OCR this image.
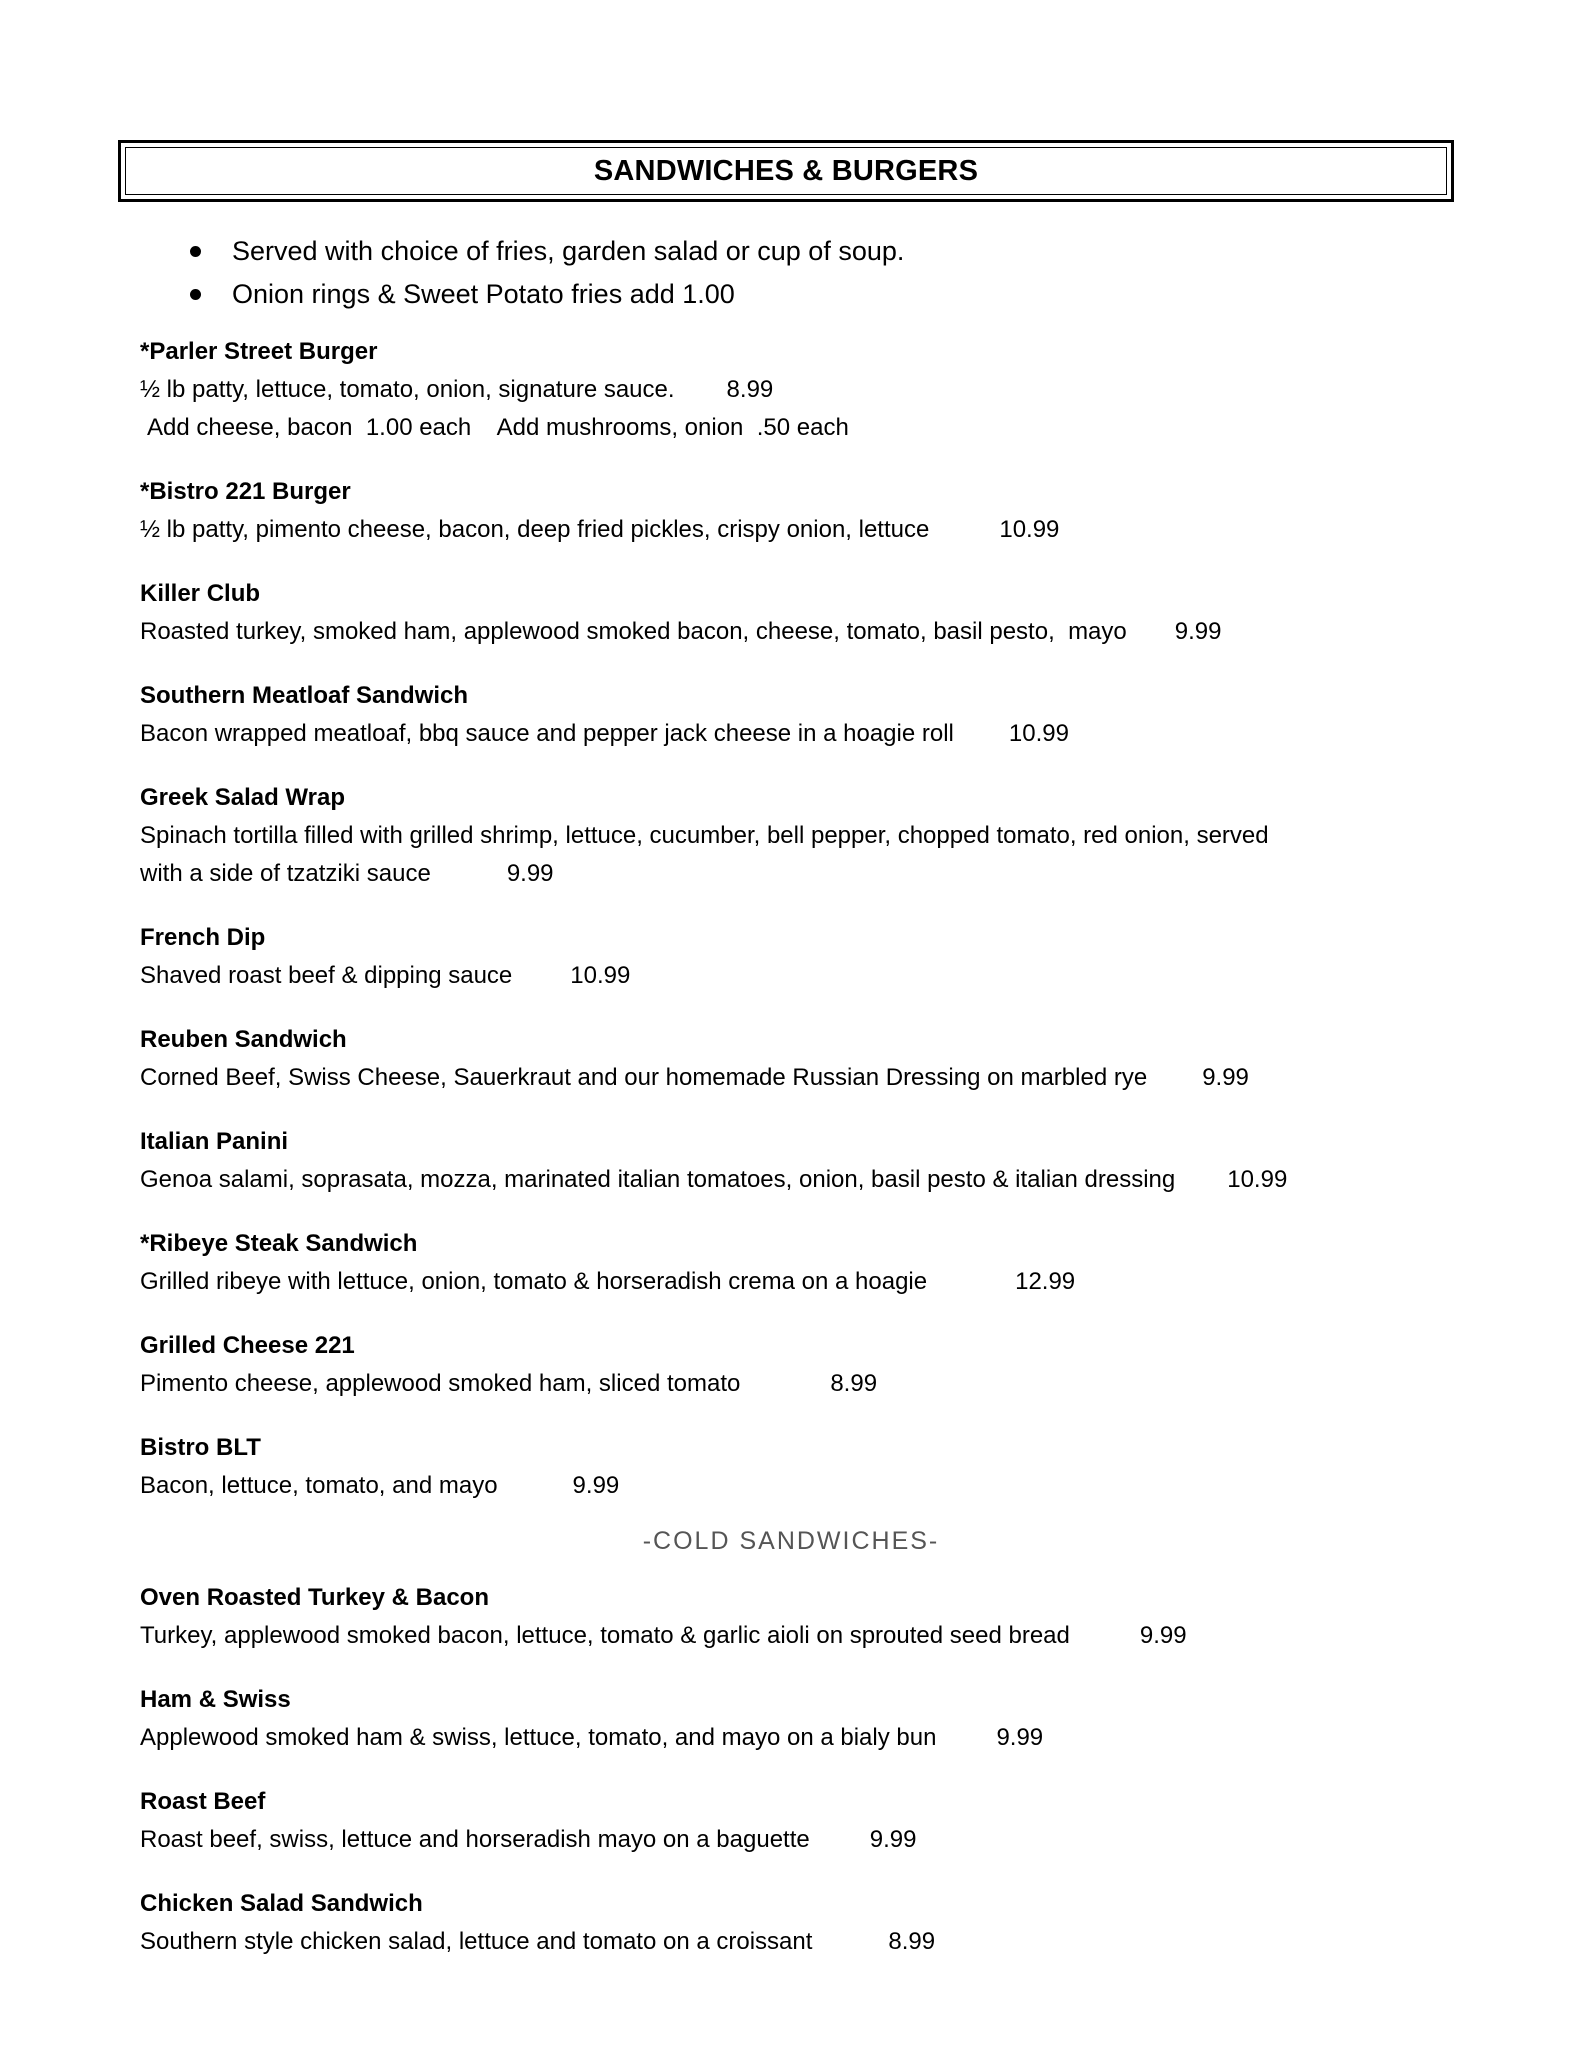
SANDWICHES & BURGERS
Served with choice of fries, garden salad or cup of soup.
Onion rings & Sweet Potato fries add 1.00
*Parler Street Burger
½ lb patty, lettuce, tomato, onion, signature sauce. 8.99
Add cheese, bacon  1.00 each    Add mushrooms, onion  .50 each
*Bistro 221 Burger
½ lb patty, pimento cheese, bacon, deep fried pickles, crispy onion, lettuce	10.99
Killer Club
Roasted turkey, smoked ham, applewood smoked bacon, cheese, tomato, basil pesto,  mayo 9.99
Southern Meatloaf Sandwich
Bacon wrapped meatloaf, bbq sauce and pepper jack cheese in a hoagie roll 10.99
Greek Salad Wrap
Spinach tortilla filled with grilled shrimp, lettuce, cucumber, bell pepper, chopped tomato, red onion, served
with a side of tzatziki sauce	9.99
French Dip
Shaved roast beef & dipping sauce 10.99
Reuben Sandwich
Corned Beef, Swiss Cheese, Sauerkraut and our homemade Russian Dressing on marbled rye 9.99
Italian Panini
Genoa salami, soprasata, mozza, marinated italian tomatoes, onion, basil pesto & italian dressing 10.99
*Ribeye Steak Sandwich
Grilled ribeye with lettuce, onion, tomato & horseradish crema on a hoagie	12.99
Grilled Cheese 221
Pimento cheese, applewood smoked ham, sliced tomato	8.99
Bistro BLT
Bacon, lettuce, tomato, and mayo	9.99
-COLD SANDWICHES-
Oven Roasted Turkey & Bacon
Turkey, applewood smoked bacon, lettuce, tomato & garlic aioli on sprouted seed bread	9.99
Ham & Swiss
Applewood smoked ham & swiss, lettuce, tomato, and mayo on a bialy bun	9.99
Roast Beef
Roast beef, swiss, lettuce and horseradish mayo on a baguette	9.99
Chicken Salad Sandwich
Southern style chicken salad, lettuce and tomato on a croissant	8.99
